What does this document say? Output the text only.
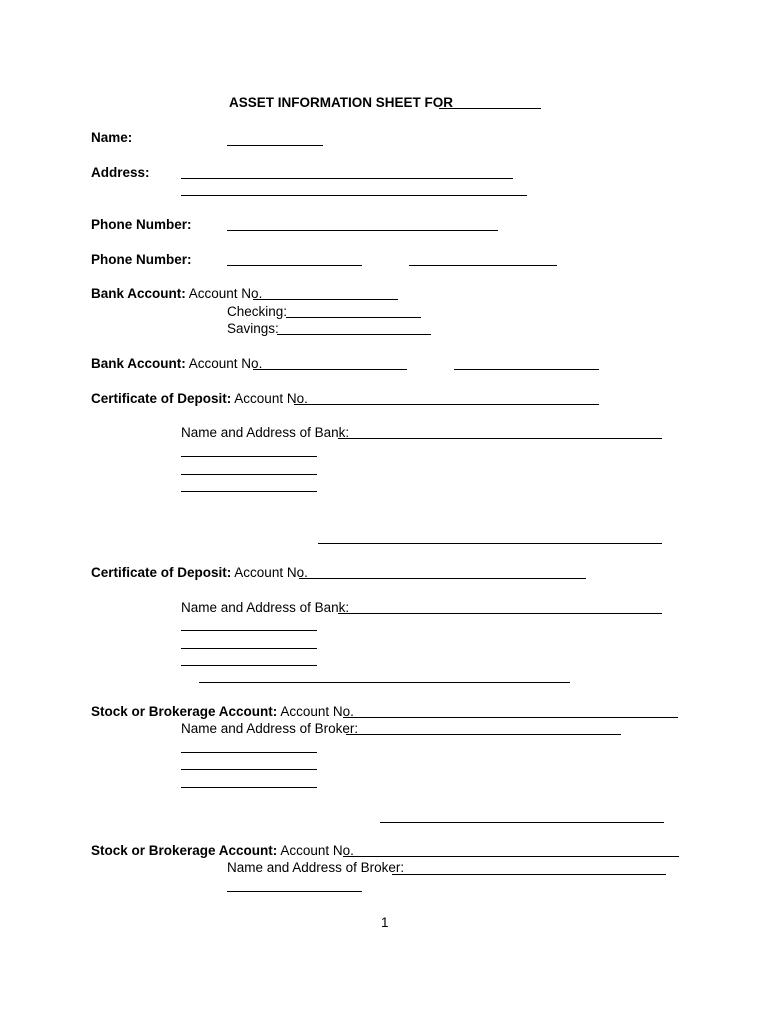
ASSET INFORMATION SHEET FOR
Name:
Address:
Phone Number:
Phone Number:
Bank Account: Account No.
Checking:
Savings:
Bank Account: Account No.
Certificate of Deposit: Account No.
Name and Address of Bank:
Certificate of Deposit: Account No.
Name and Address of Bank:
Stock or Brokerage Account: Account No.
Name and Address of Broker:
Stock or Brokerage Account: Account No.
Name and Address of Broker:
1
